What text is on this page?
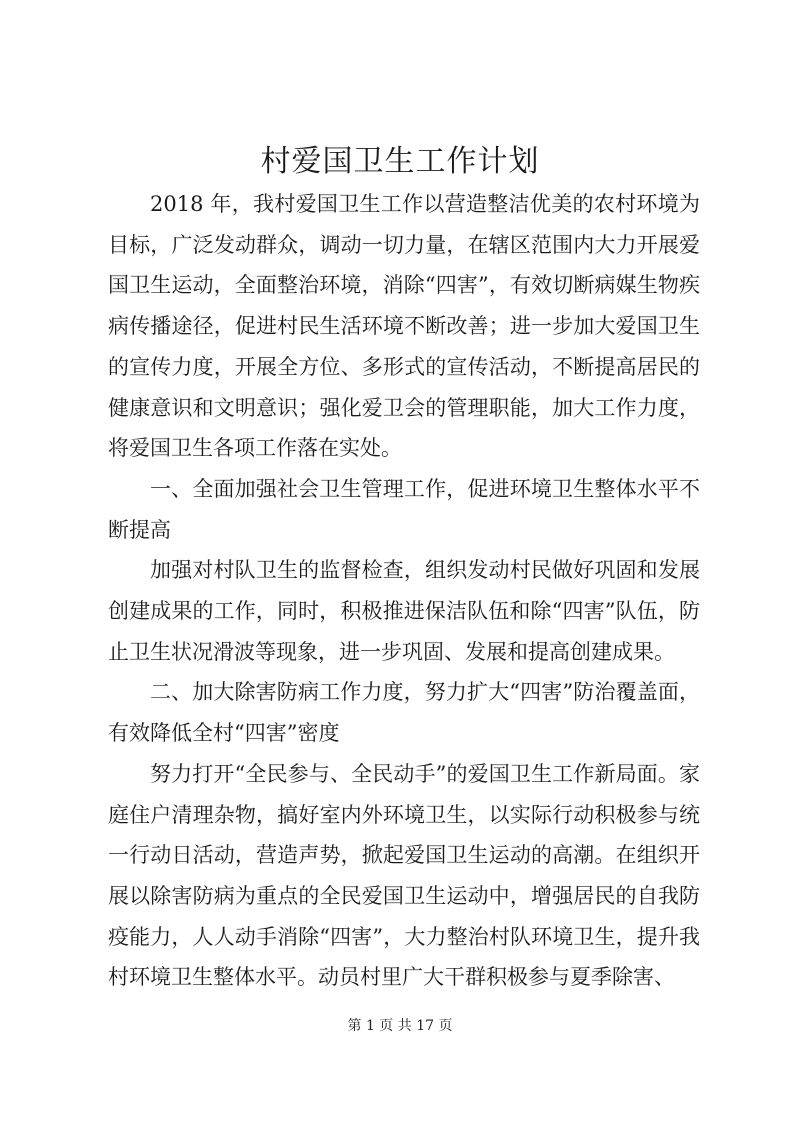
村爱国卫生工作计划

2018 年，我村爱国卫生工作以营造整洁优美的农村环境为目标，广泛发动群众，调动一切力量，在辖区范围内大力开展爱国卫生运动，全面整治环境，消除“四害”，有效切断病媒生物疾病传播途径，促进村民生活环境不断改善；进一步加大爱国卫生的宣传力度，开展全方位、多形式的宣传活动，不断提高居民的健康意识和文明意识；强化爱卫会的管理职能，加大工作力度，将爱国卫生各项工作落在实处。

一、全面加强社会卫生管理工作，促进环境卫生整体水平不断提高

加强对村队卫生的监督检查，组织发动村民做好巩固和发展创建成果的工作，同时，积极推进保洁队伍和除“四害”队伍，防止卫生状况滑波等现象，进一步巩固、发展和提高创建成果。

二、加大除害防病工作力度，努力扩大“四害”防治覆盖面，有效降低全村“四害”密度

努力打开“全民参与、全民动手”的爱国卫生工作新局面。家庭住户清理杂物，搞好室内外环境卫生，以实际行动积极参与统一行动日活动，营造声势，掀起爱国卫生运动的高潮。在组织开展以除害防病为重点的全民爱国卫生运动中，增强居民的自我防疫能力，人人动手消除“四害”，大力整治村队环境卫生，提升我村环境卫生整体水平。动员村里广大干群积极参与夏季除害、

第 1 页 共 17 页
